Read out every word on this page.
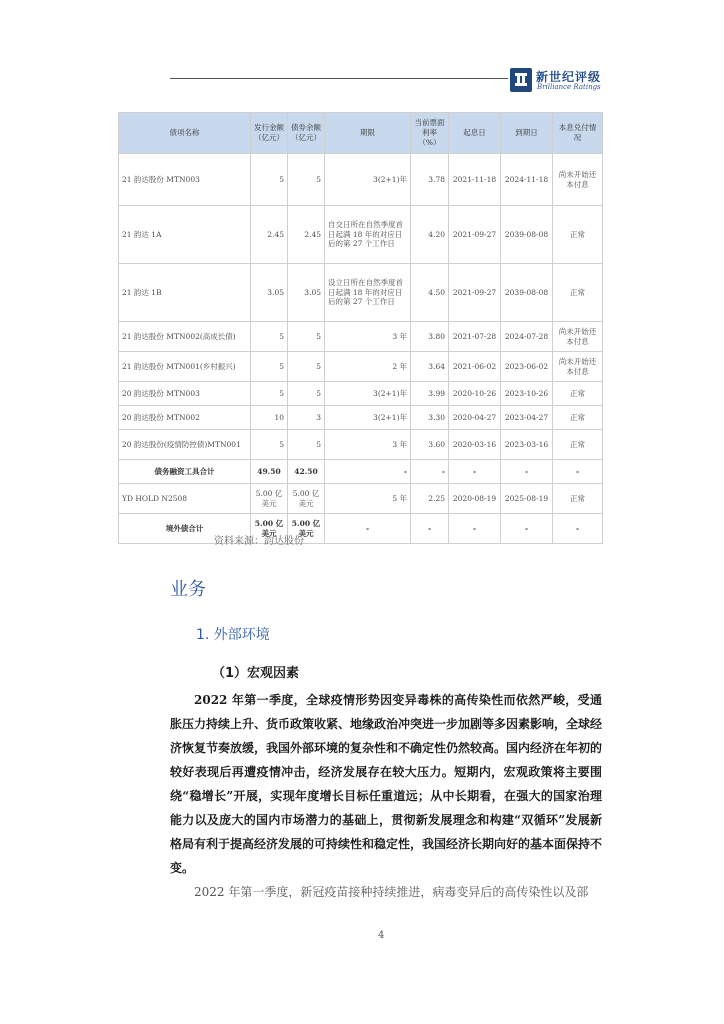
新世纪评级
Brilliance Ratings
债项名称	发行金额（亿元）	债券余额（亿元）	期限	当前票面利率（%）	起息日	到期日	本息兑付情况
21 韵达股份 MTN003	5	5	3(2+1)年	3.78	2021-11-18	2024-11-18	尚未开始还本付息
21 韵达 1A	2.45	2.45	自交日所在自然季度首日起满 18 年的对应日后的第 27 个工作日	4.20	2021-09-27	2039-08-08	正常
21 韵达 1B	3.05	3.05	设立日所在自然季度首日起满 18 年的对应日后的第 27 个工作日	4.50	2021-09-27	2039-08-08	正常
21 韵达股份 MTN002(高成长债)	5	5	3 年	3.80	2021-07-28	2024-07-28	尚未开始还本付息
21 韵达股份 MTN001(乡村振兴)	5	5	2 年	3.64	2021-06-02	2023-06-02	尚未开始还本付息
20 韵达股份 MTN003	5	5	3(2+1)年	3.99	2020-10-26	2023-10-26	正常
20 韵达股份 MTN002	10	3	3(2+1)年	3.30	2020-04-27	2023-04-27	正常
20 韵达股份(疫情防控债)MTN001	5	5	3 年	3.60	2020-03-16	2023-03-16	正常
债务融资工具合计	49.50	42.50	-	-	-	-	-
YD HOLD N2508	5.00 亿美元	5.00 亿美元	5 年	2.25	2020-08-19	2025-08-19	正常
境外债合计	5.00 亿美元	5.00 亿美元	-	-	-	-	-
资料来源：韵达股份
业务
1. 外部环境
（1）宏观因素

2022 年第一季度，全球疫情形势因变异毒株的高传染性而依然严峻，受通胀压力持续上升、货币政策收紧、地缘政治冲突进一步加剧等多因素影响，全球经济恢复节奏放缓，我国外部环境的复杂性和不确定性仍然较高。国内经济在年初的较好表现后再遭疫情冲击，经济发展存在较大压力。短期内，宏观政策将主要围绕“稳增长”开展，实现年度增长目标任重道远；从中长期看，在强大的国家治理能力以及庞大的国内市场潜力的基础上，贯彻新发展理念和构建“双循环”发展新格局有利于提高经济发展的可持续性和稳定性，我国经济长期向好的基本面保持不变。

2022 年第一季度，新冠疫苗接种持续推进，病毒变异后的高传染性以及部

4
